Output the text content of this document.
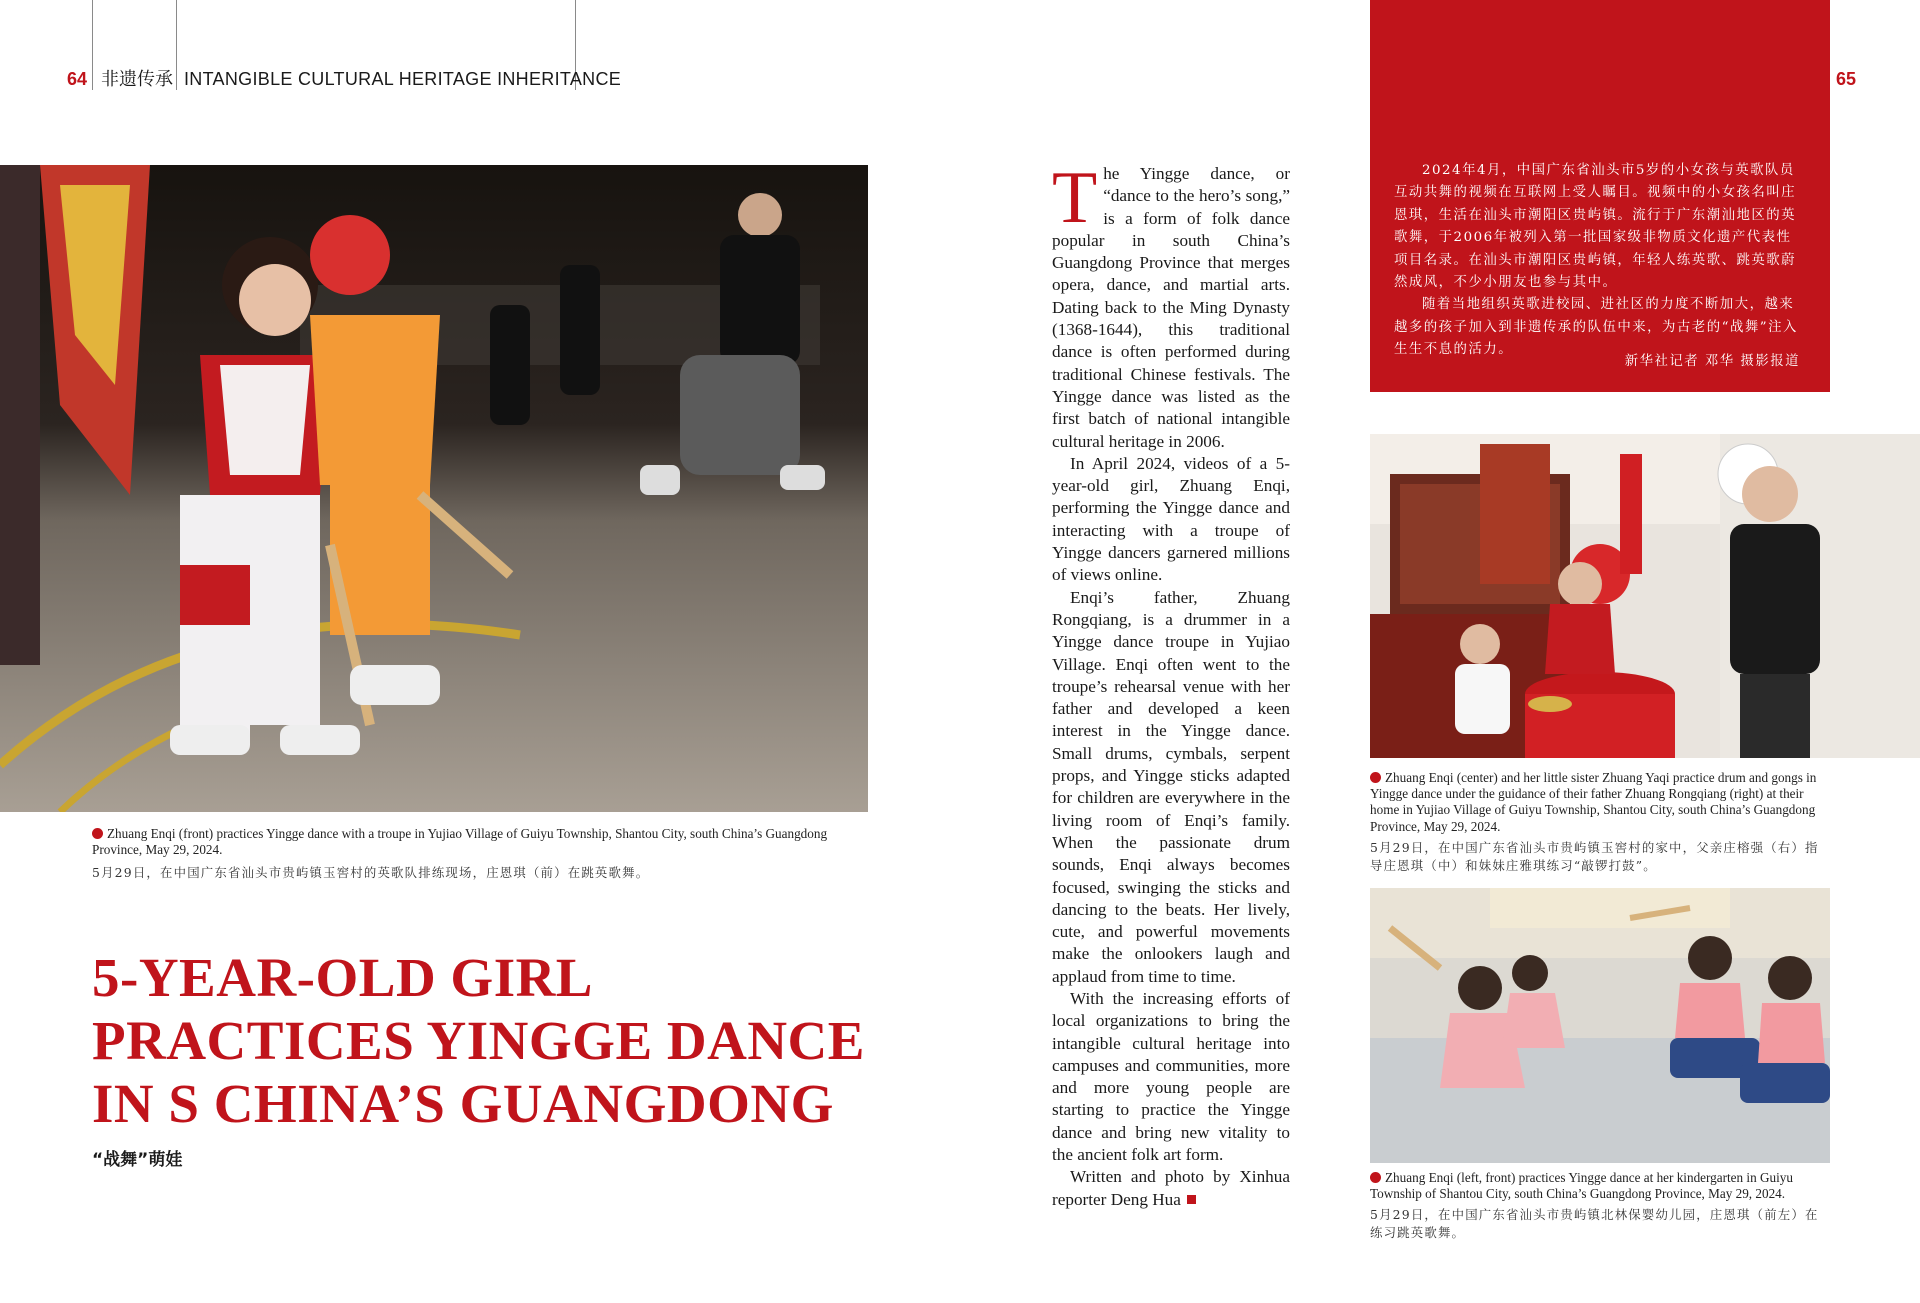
64 非遗传承 INTANGIBLE CULTURAL HERITAGE INHERITANCE
Zhuang Enqi (front) practices Yingge dance with a troupe in Yujiao Village of Guiyu Township, Shantou City, south China’s Guangdong Province, May 29, 2024.
5月29日，在中国广东省汕头市贵屿镇玉窖村的英歌队排练现场，庄恩琪（前）在跳英歌舞。
5-YEAR-OLD GIRL
PRACTICES YINGGE DANCE
IN S CHINA’S GUANGDONG
“战舞”萌娃

The Yingge dance, or “dance to the hero’s song,” is a form of folk dance popular in south China’s Guangdong Province that merges opera, dance, and martial arts. Dating back to the Ming Dynasty (1368-1644), this traditional dance is often performed during traditional Chinese festivals. The Yingge dance was listed as the first batch of national intangible cultural heritage in 2006.

In April 2024, videos of a 5-year-old girl, Zhuang Enqi, performing the Yingge dance and interacting with a troupe of Yingge dancers garnered millions of views online.

Enqi’s father, Zhuang Rongqiang, is a drummer in a Yingge dance troupe in Yujiao Village. Enqi often went to the troupe’s rehearsal venue with her father and developed a keen interest in the Yingge dance. Small drums, cymbals, serpent props, and Yingge sticks adapted for children are everywhere in the living room of Enqi’s family. When the passionate drum sounds, Enqi always becomes focused, swinging the sticks and dancing to the beats. Her lively, cute, and powerful movements make the onlookers laugh and applaud from time to time.

With the increasing efforts of local organizations to bring the intangible cultural heritage into campuses and communities, more and more young people are starting to practice the Yingge dance and bring new vitality to the ancient folk art form.

Written and photo by Xinhua reporter Deng Hua

2024年4月，中国广东省汕头市5岁的小女孩与英歌队员互动共舞的视频在互联网上受人瞩目。视频中的小女孩名叫庄恩琪，生活在汕头市潮阳区贵屿镇。流行于广东潮汕地区的英歌舞，于2006年被列入第一批国家级非物质文化遗产代表性项目名录。在汕头市潮阳区贵屿镇，年轻人练英歌、跳英歌蔚然成风，不少小朋友也参与其中。

随着当地组织英歌进校园、进社区的力度不断加大，越来越多的孩子加入到非遗传承的队伍中来，为古老的“战舞”注入生生不息的活力。

新华社记者 邓华 摄影报道
65
Zhuang Enqi (center) and her little sister Zhuang Yaqi practice drum and gongs in Yingge dance under the guidance of their father Zhuang Rongqiang (right) at their home in Yujiao Village of Guiyu Township, Shantou City, south China’s Guangdong Province, May 29, 2024.
5月29日，在中国广东省汕头市贵屿镇玉窖村的家中，父亲庄榕强（右）指导庄恩琪（中）和妹妹庄雅琪练习“敲锣打鼓”。
Zhuang Enqi (left, front) practices Yingge dance at her kindergarten in Guiyu Township of Shantou City, south China’s Guangdong Province, May 29, 2024.
5月29日，在中国广东省汕头市贵屿镇北林保婴幼儿园，庄恩琪（前左）在练习跳英歌舞。
